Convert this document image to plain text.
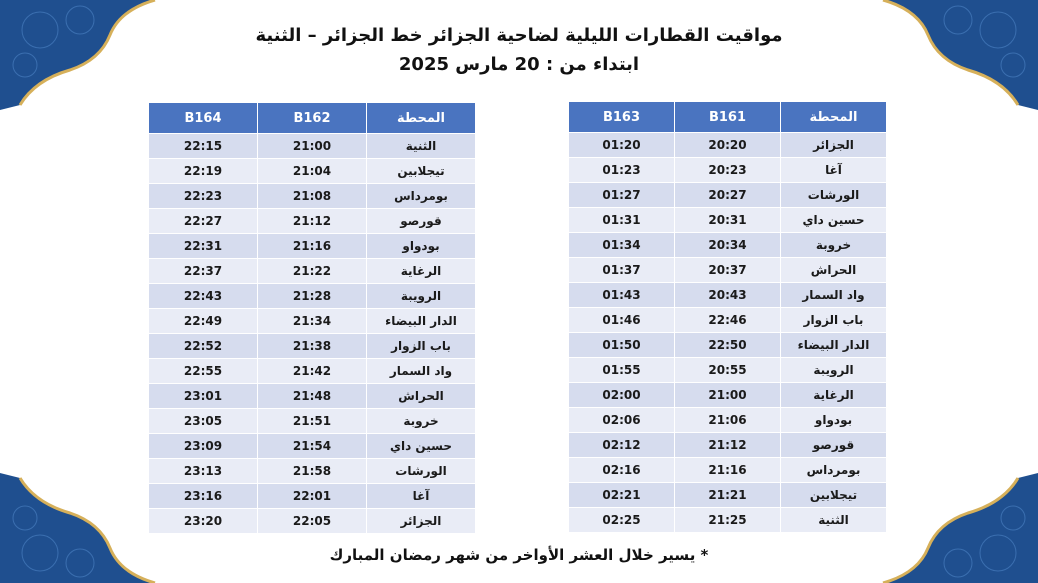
مواقيت القطارات الليلية لضاحية الجزائر خط الجزائر – الثنية
ابتداء من : 20 مارس 2025
المحطة	B162	B164
الثنية	21:00	22:15
تيجلابين	21:04	22:19
بومرداس	21:08	22:23
قورصو	21:12	22:27
بودواو	21:16	22:31
الرغاية	21:22	22:37
الرويبة	21:28	22:43
الدار البيضاء	21:34	22:49
باب الزوار	21:38	22:52
واد السمار	21:42	22:55
الحراش	21:48	23:01
خروبة	21:51	23:05
حسين داي	21:54	23:09
الورشات	21:58	23:13
آغا	22:01	23:16
الجزائر	22:05	23:20
المحطة	B161	B163
الجزائر	20:20	01:20
آغا	20:23	01:23
الورشات	20:27	01:27
حسين داي	20:31	01:31
خروبة	20:34	01:34
الحراش	20:37	01:37
واد السمار	20:43	01:43
باب الزوار	22:46	01:46
الدار البيضاء	22:50	01:50
الرويبة	20:55	01:55
الرغاية	21:00	02:00
بودواو	21:06	02:06
قورصو	21:12	02:12
بومرداس	21:16	02:16
تيجلابين	21:21	02:21
الثنية	21:25	02:25
* يسير خلال العشر الأواخر من شهر رمضان المبارك
